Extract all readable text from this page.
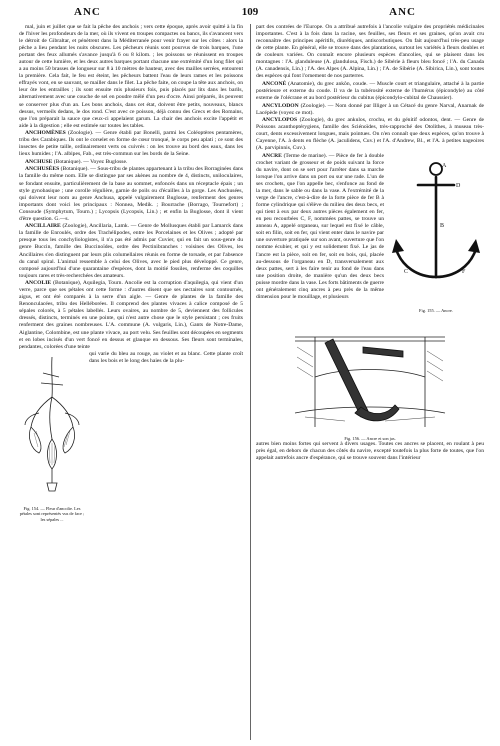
ANC	109	ANC

mal, juin et juillet que se fait la pêche des anchois ; vers cette époque, après avoir quitté à la fin de l'hiver les profondeurs de la mer, où ils vivent en troupes compactes ou bancs, ils s'avancent vers le détroit de Gibraltar, et pénètrent dans la Méditerranée pour venir frayer sur les côtes : alors la pêche a lieu pendant les nuits obscures. Les pêcheurs réunis sont pourvus de trois barques, l'une portant des feux allumés s'avance jusqu'à 6 ou 8 kilom. ; les poissons se réunissent en troupes autour de cette lumière, et les deux autres barques portant chacune une extrémité d'un long filet qui a au moins 50 brasses de longueur sur 8 à 10 mètres de hauteur, avec des mailles serrées, entourent la première. Cela fait, le feu est éteint, les pêcheurs battent l'eau de leurs rames et les poissons effrayés vont, en se sauvant, se mailler dans le filet. La pêche faite, on coupe la tête aux anchois, on leur ôte les entrailles ; ils sont ensuite mis plusieurs fois, puis placés par lits dans les barils, alternativement avec une couche de sel en poudre mêlé d'un peu d'ocre. Ainsi préparés, ils peuvent se conserver plus d'un an. Les bons anchois, dans cet état, doivent être petits, nouveaux, blancs dessus, vermeils dedans, le dos rond. C'est avec ce poisson, déjà connu des Grecs et des Romains, que l'on préparait la sauce que ceux-ci appelaient garum. La chair des anchois excite l'appétit et aide à la digestion ; elle est estimée sur toutes les tables.

ANCHOMÈNES (Zoologie). — Genre établi par Bonelli, parmi les Coléoptères pentamères, tribu des Carabiques. Ils ont le corselet en forme de cœur tronqué, le corps peu aplati ; ce sont des insectes de petite taille, ordinairement verts ou cuivrés : on les trouve au bord des eaux, dans les lieux humides ; l'A. albipes, Fab., est très-commun sur les bords de la Seine.

ANCHUSE (Botanique). — Voyez Buglosse.

ANCHUSÉES (Botanique). — Sous-tribu de plantes appartenant à la tribu des Borraginées dans la famille du même nom. Elle se distingue par ses akènes au nombre de 4, distincts, uniloculaires, se fondant ensuite, particulièrement de la base au sommet, enfoncés dans un réceptacle épais ; un style gynobasique ; une corolle régulière, garnie de poils ou d'écailles à la gorge. Les Anchusées, qui doivent leur nom au genre Anchusa, appelé vulgairement Buglosse, renferment des genres importants dont voici les principaux : Nonnea, Medik. ; Bourrache (Borrago, Tournefort) ; Consoude (Symphytum, Tourn.) ; Lycopsis (Lycopsis, Lin.) ; et enfin la Buglosse, dont il vient d'être question. G.—s.

ANCILLAIRE (Zoologie), Ancillaria, Lamk. — Genre de Mollusques établi par Lamarck dans la famille de Enroulés, ordre des Trachélipodes, entre les Porcelaines et les Olives ; adopté par presque tous les conchyliologistes, il n'a pas été admis par Cuvier, qui en fait un sous-genre du genre Buccin, famille des Buccinoïdes, ordre des Pectinibranches : voisines des Olives, les Ancillaires s'en distinguent par leurs plis columellaires réunis en forme de torsade, et par l'absence du canal spiral. L'animal ressemble à celui des Olives, avec le pied plus développé. Ce genre, composé aujourd'hui d'une quarantaine d'espèces, dont la moitié fossiles, renferme des coquilles toujours rares et très-recherchées des amateurs.

ANCOLIE (Botanique), Aquilegia, Tourn. Ancolie est la corruption d'aquilegia, qui vient d'un verre, parce que ses pétales ont cette forme : d'autres disent que ses nectaires sont contournés, aigus, et ont été comparés à la serre d'un aigle. — Genre de plantes de la famille des Renonculacées, tribu des Helléborées. Il comprend des plantes vivaces à calice composé de 5 sépales colorés, à 5 pétales labellés. Leurs ovaires, au nombre de 5, deviennent des follicules dressés, distincts, terminés en une pointe, qui n'est autre chose que le style persistant ; ces fruits renferment des graines nombreuses. L'A. commune (A. vulgaris, Lin.), Gants de Notre-Dame, Aiglantine, Colombine, est une plante vivace, au port velu. Ses feuilles sont découpées en segments et en lobes incisés d'un vert foncé en dessus et glauque en dessous. Ses fleurs sont terminales, pendantes, colorées d'une teinte

Fig. 154. — Fleur d'ancolie. Les pétales sont représentés vus de face ; les sépales ...

qui varie du bleu au rouge, au violet et au blanc. Cette plante croît dans les bois et le long des haies de la plu-

part des contrées de l'Europe. On a attribué autrefois à l'ancolie vulgaire des propriétés médicinales importantes. C'est à la fois dans la racine, ses feuilles, ses fleurs et ses graines, qu'on avait cru reconnaître des principes apéritifs, diurétiques, antiscorbutiques. On fait aujourd'hui très-peu usage de cette plante. En général, elle se trouve dans des plantations, surtout les variétés à fleurs doubles et de couleurs variées. On connaît encore plusieurs espèces d'ancolies, qui se plaisent dans les montagnes : l'A. glanduleuse (A. glandulosa, Fisch.) de Sibérie à fleurs bleu foncé ; l'A. du Canada (A. canadensis, Lin.) ; l'A. des Alpes (A. Alpina, Lin.) ; l'A. de Sibérie (A. Sibirica, Lin.), sont toutes des espèces qui font l'ornement de nos parterres.

ANCONÉ (Anatomie), du grec ankôn, coude. — Muscle court et triangulaire, attaché à la partie postérieure et externe du coude. Il va de la tubérosité externe de l'humérus (épicondyle) au côté externe de l'olécrane et au bord postérieur du cubitus (épicondylo-cubital de Chaussier).

ANCYLODON (Zoologie). — Nom donné par Illiger à un Cétacé du genre Narval, Anarnak de Lacépède (voyez ce mot).

ANCYLOPOS (Zoologie), du grec ankulos, crochu, et du génitif odontos, dent. — Genre de Poissons acanthoptérygiens, famille des Sciénoïdes, très-rapproché des Otolithes, à museau très-court, dents excessivement longues, mais pointues. On n'en connaît que deux espèces, qu'on trouve à Cayenne, l'A. à dents en flèche (A. jaculidens, Cuv.) et l'A. d'Andrew, Bl., et l'A. à petites nageoires (A. parvipinnis, Cuv.).

A
D
B
C	F
Fig. 155. — Ancre.

ANCRE (Terme de marine). — Pièce de fer à double crochet variant de grosseur et de poids suivant la force du navire, dont on se sert pour l'arrêter dans sa marche lorsque l'on arrive dans un port ou sur une rade. L'un de ses crochets, que l'on appelle bec, s'enfonce au fond de la mer, dans le sable ou dans la vase. A l'extrémité de la verge de l'ancre, c'est-à-dire de la forte pièce de fer B à forme cylindrique qui s'élève du milieu des deux becs, et qui tient à eux par deux autres pièces également en fer, en peu recourbées C, F, nommées pattes, se trouve un anneau A, appelé organeau, sur lequel est fixé le câble, soit en filin, soit en fer, qui vient enter dans le navire par une ouverture pratiquée sur son avant, ouverture que l'on nomme écubier, et qui y est solidement fixé. Le jas de l'ancre est la pièce, soit en fer, soit en bois, qui, placée au-dessous de l'organeau en D, transversalement aux deux pattes, sert à les faire tenir au fond de l'eau dans une position droite, de manière qu'un des deux becs puisse mordre dans la vase. Les forts bâtiments de guerre ont généralement cinq ancres à peu près de la même dimension pour le mouillage, et plusieurs

Fig. 156. — Ancre et son jas.

autres bien moins fortes qui servent à divers usages. Toutes ces ancres se placent, en roulant à peu près égal, en dehors de chacun des côtés du navire, excepté toutefois la plus forte de toutes, que l'on appelait autrefois ancre d'espérance, qui se trouve souvent dans l'intérieur
